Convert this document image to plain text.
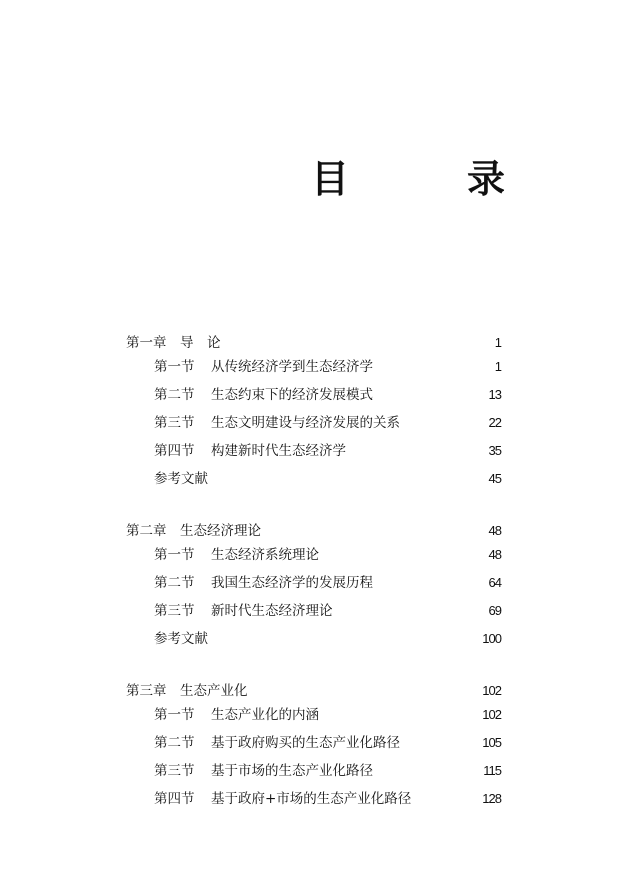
目　录
第一章 导　论	1
第一节 从传统经济学到生态经济学	1
第二节 生态约束下的经济发展模式	13
第三节 生态文明建设与经济发展的关系	22
第四节 构建新时代生态经济学	35
参考文献	45
第二章 生态经济理论	48
第一节 生态经济系统理论	48
第二节 我国生态经济学的发展历程	64
第三节 新时代生态经济理论	69
参考文献	100
第三章 生态产业化	102
第一节 生态产业化的内涵	102
第二节 基于政府购买的生态产业化路径	105
第三节 基于市场的生态产业化路径	115
第四节 基于政府+市场的生态产业化路径	128
